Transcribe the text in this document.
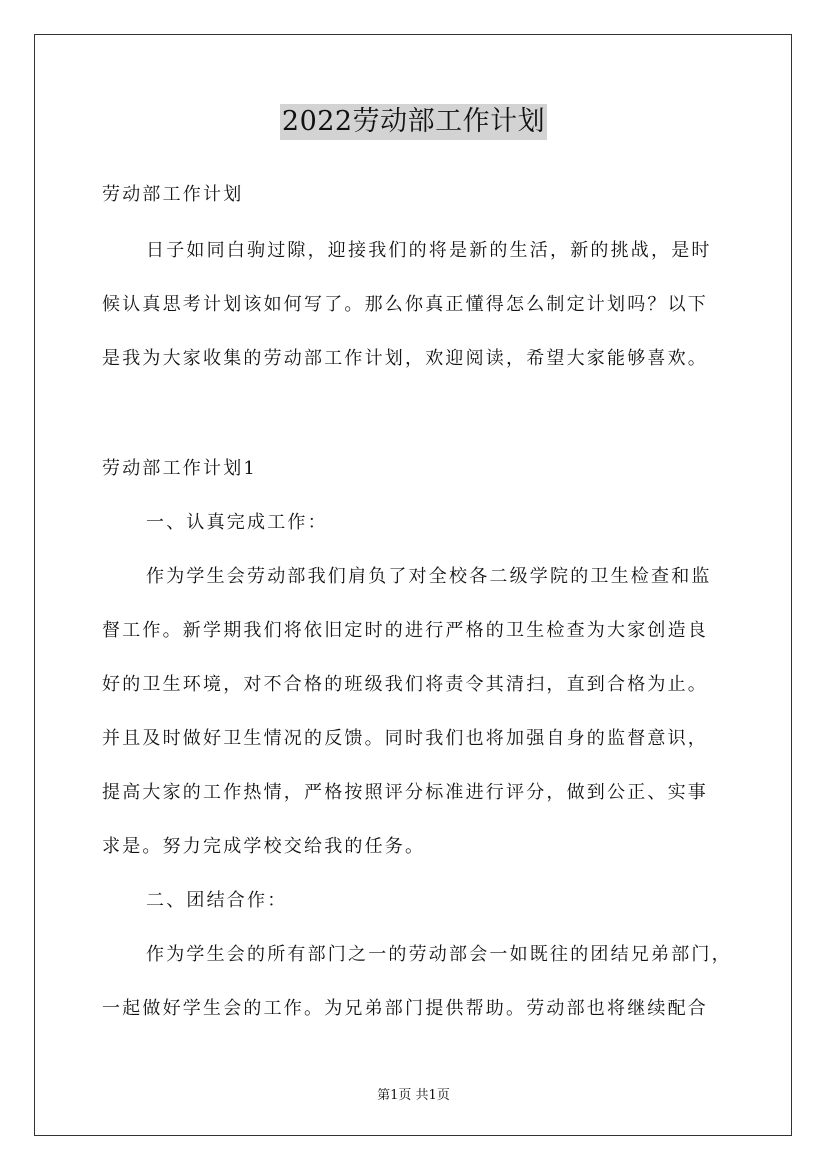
2022劳动部工作计划
劳动部工作计划
日子如同白驹过隙，迎接我们的将是新的生活，新的挑战，是时
候认真思考计划该如何写了。那么你真正懂得怎么制定计划吗？以下
是我为大家收集的劳动部工作计划，欢迎阅读，希望大家能够喜欢。
劳动部工作计划1
一、认真完成工作：
作为学生会劳动部我们肩负了对全校各二级学院的卫生检查和监
督工作。新学期我们将依旧定时的进行严格的卫生检查为大家创造良
好的卫生环境，对不合格的班级我们将责令其清扫，直到合格为止。
并且及时做好卫生情况的反馈。同时我们也将加强自身的监督意识，
提高大家的工作热情，严格按照评分标准进行评分，做到公正、实事
求是。努力完成学校交给我的任务。
二、团结合作：
作为学生会的所有部门之一的劳动部会一如既往的团结兄弟部门，
一起做好学生会的工作。为兄弟部门提供帮助。劳动部也将继续配合
第1页 共1页
